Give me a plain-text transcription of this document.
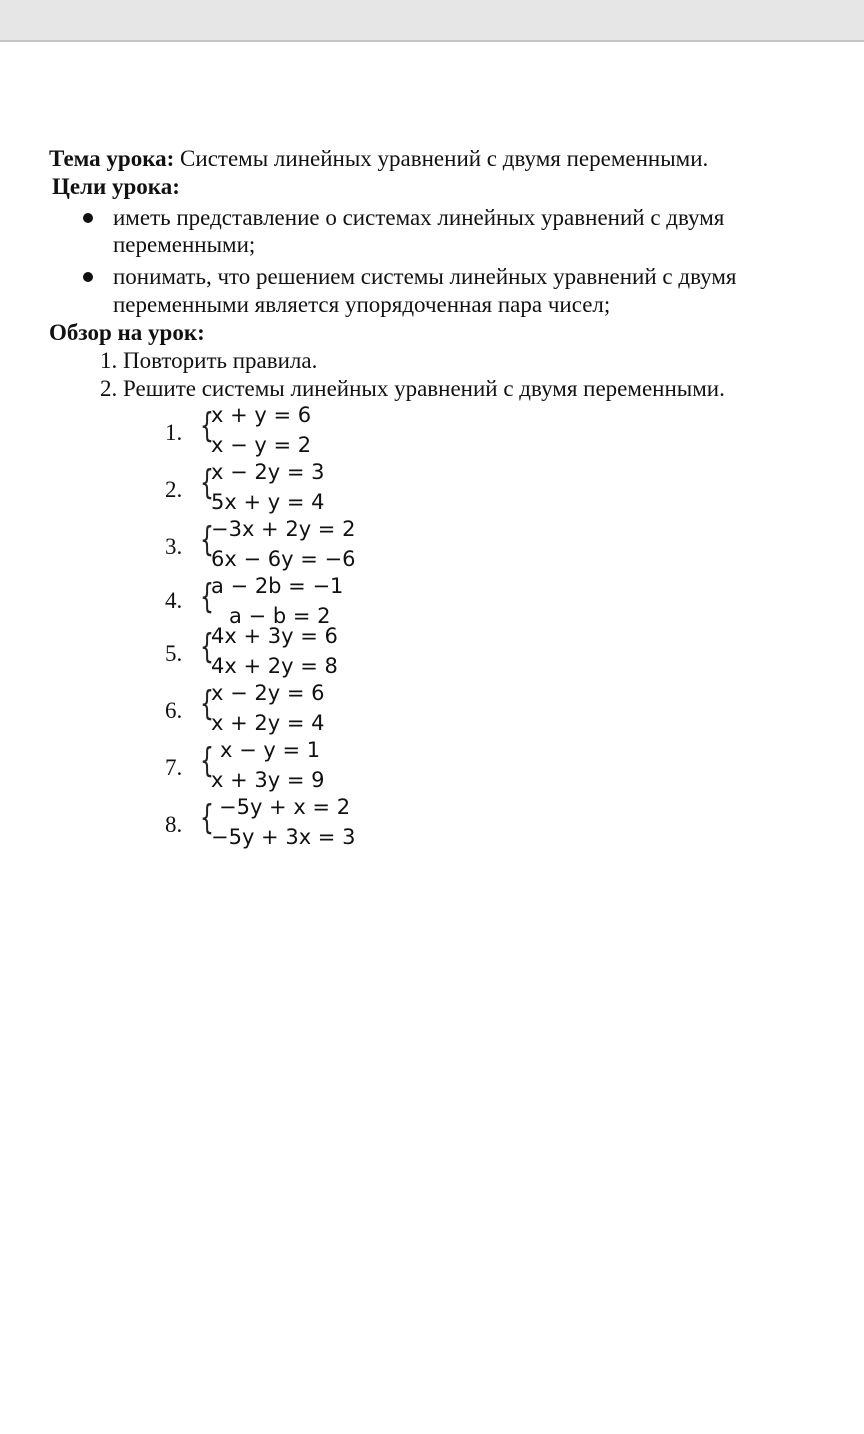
Тема урока: Системы линейных уравнений с двумя переменными.
Цели урока:
иметь представление о системах линейных уравнений с двумя
переменными;
понимать, что решением системы линейных уравнений с двумя
переменными является упорядоченная пара чисел;
Обзор на урок:
1. Повторить правила.
2. Решите системы линейных уравнений с двумя переменными.
1. {
x + y = 6
x − y = 2
2. {
x − 2y = 3
5x + y = 4
3. {
−3x + 2y = 2
6x − 6y = −6
4. {
a − 2b = −1
a − b = 2
5. {
4x + 3y = 6
4x + 2y = 8
6. {
x − 2y = 6
x + 2y = 4
7. { x − y = 1
x + 3y = 9
8. { −5y + x = 2
−5y + 3x = 3
